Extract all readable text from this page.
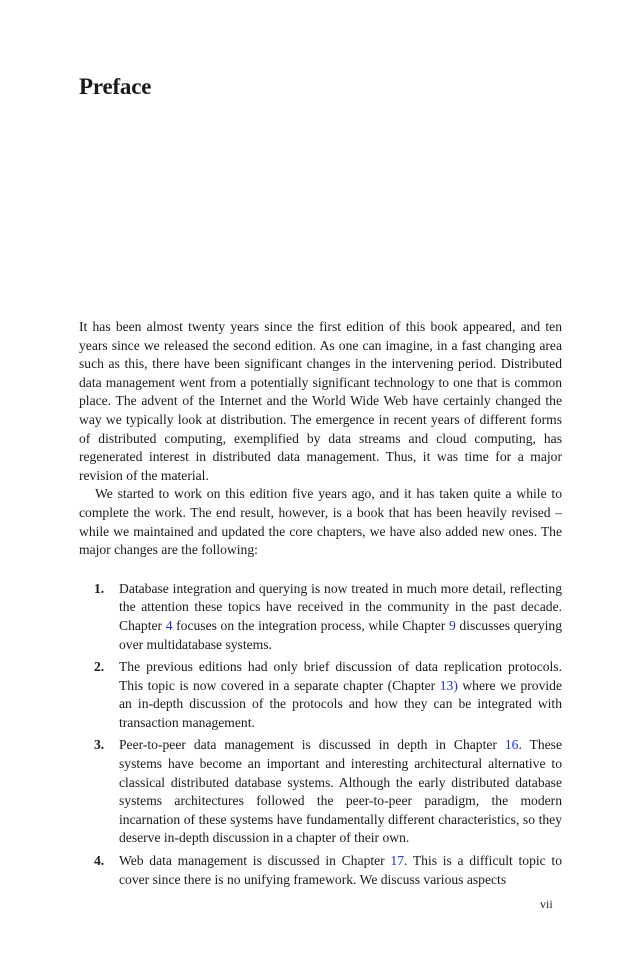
Preface

It has been almost twenty years since the first edition of this book appeared, and ten years since we released the second edition. As one can imagine, in a fast changing area such as this, there have been significant changes in the intervening period. Distributed data management went from a potentially significant technology to one that is common place. The advent of the Internet and the World Wide Web have certainly changed the way we typically look at distribution. The emergence in recent years of different forms of distributed computing, exemplified by data streams and cloud computing, has regenerated interest in distributed data management. Thus, it was time for a major revision of the material.

We started to work on this edition five years ago, and it has taken quite a while to complete the work. The end result, however, is a book that has been heavily revised – while we maintained and updated the core chapters, we have also added new ones. The major changes are the following:

1. Database integration and querying is now treated in much more detail, reflecting the attention these topics have received in the community in the past decade. Chapter 4 focuses on the integration process, while Chapter 9 discusses querying over multidatabase systems.
2. The previous editions had only brief discussion of data replication protocols. This topic is now covered in a separate chapter (Chapter 13) where we provide an in-depth discussion of the protocols and how they can be integrated with transaction management.
3. Peer-to-peer data management is discussed in depth in Chapter 16. These systems have become an important and interesting architectural alternative to classical distributed database systems. Although the early distributed database systems architectures followed the peer-to-peer paradigm, the modern incarnation of these systems have fundamentally different characteristics, so they deserve in-depth discussion in a chapter of their own.
4. Web data management is discussed in Chapter 17. This is a difficult topic to cover since there is no unifying framework. We discuss various aspects
vii
